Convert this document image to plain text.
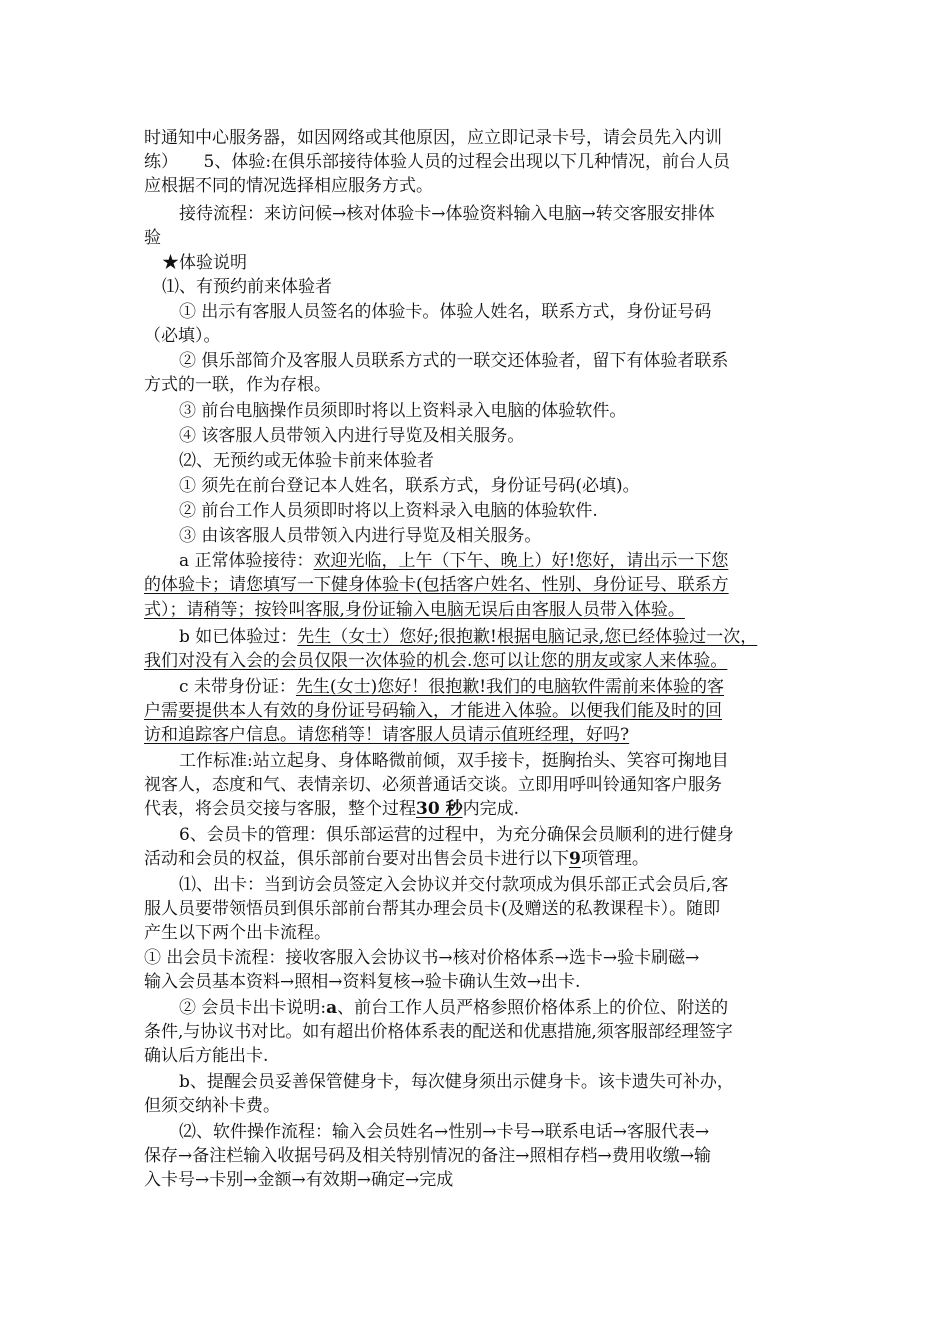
时通知中心服务器，如因网络或其他原因，应立即记录卡号，请会员先入内训
练）　　5、体验:在俱乐部接待体验人员的过程会出现以下几种情况，前台人员
应根据不同的情况选择相应服务方式。
接待流程：来访问候→核对体验卡→体验资料输入电脑→转交客服安排体
验
★体验说明
⑴、有预约前来体验者
① 出示有客服人员签名的体验卡。体验人姓名，联系方式，身份证号码
（必填）。
② 俱乐部简介及客服人员联系方式的一联交还体验者，留下有体验者联系
方式的一联，作为存根。
③ 前台电脑操作员须即时将以上资料录入电脑的体验软件。
④ 该客服人员带领入内进行导览及相关服务。
⑵、无预约或无体验卡前来体验者
① 须先在前台登记本人姓名，联系方式，身份证号码(必填)。
② 前台工作人员须即时将以上资料录入电脑的体验软件.
③ 由该客服人员带领入内进行导览及相关服务。
a 正常体验接待：欢迎光临，上午（下午、晚上）好!您好，请出示一下您
的体验卡；请您填写一下健身体验卡(包括客户姓名、性别、身份证号、联系方
式）；请稍等；按铃叫客服,身份证输入电脑无误后由客服人员带入体验。
b 如已体验过：先生（女士）您好;很抱歉!根据电脑记录,您已经体验过一次，
我们对没有入会的会员仅限一次体验的机会.您可以让您的朋友或家人来体验。
c 未带身份证：先生(女士)您好！很抱歉!我们的电脑软件需前来体验的客
户需要提供本人有效的身份证号码输入，才能进入体验。以便我们能及时的回
访和追踪客户信息。请您稍等！请客服人员请示值班经理，好吗?
工作标准:站立起身、身体略微前倾，双手接卡，挺胸抬头、笑容可掬地目
视客人，态度和气、表情亲切、必须普通话交谈。立即用呼叫铃通知客户服务
代表，将会员交接与客服，整个过程30 秒内完成.
6、会员卡的管理：俱乐部运营的过程中，为充分确保会员顺利的进行健身
活动和会员的权益，俱乐部前台要对出售会员卡进行以下9项管理。
⑴、出卡：当到访会员签定入会协议并交付款项成为俱乐部正式会员后,客
服人员要带领悟员到俱乐部前台帮其办理会员卡(及赠送的私教课程卡）。随即
产生以下两个出卡流程。
① 出会员卡流程：接收客服入会协议书→核对价格体系→选卡→验卡刷磁→
输入会员基本资料→照相→资料复核→验卡确认生效→出卡.
② 会员卡出卡说明:a、前台工作人员严格参照价格体系上的价位、附送的
条件,与协议书对比。如有超出价格体系表的配送和优惠措施,须客服部经理签字
确认后方能出卡.
b、提醒会员妥善保管健身卡，每次健身须出示健身卡。该卡遗失可补办，
但须交纳补卡费。
⑵、软件操作流程：输入会员姓名→性别→卡号→联系电话→客服代表→
保存→备注栏输入收据号码及相关特别情况的备注→照相存档→费用收缴→输
入卡号→卡别→金额→有效期→确定→完成
